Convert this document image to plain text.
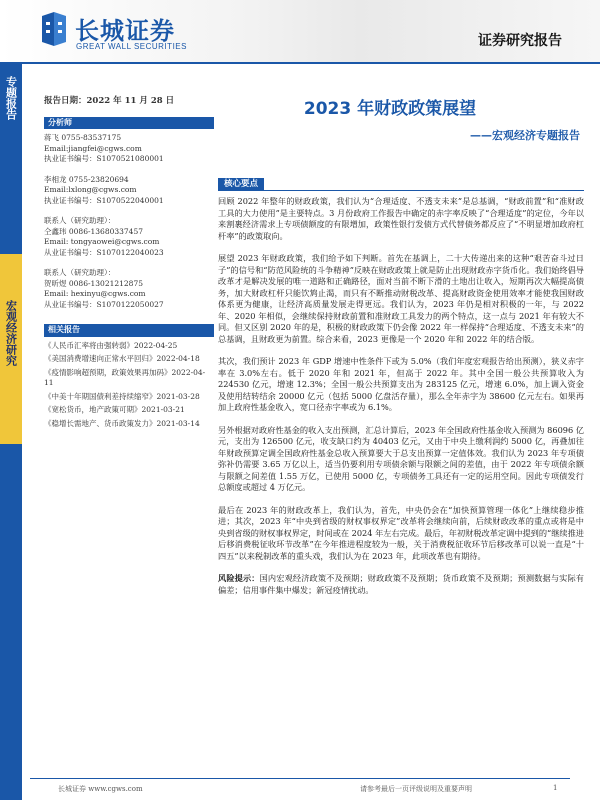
长城证券
GREAT WALL SECURITIES	证券研究报告
专题报告
宏观经济研究
报告日期：2022 年 11 月 28 日
分析师
蒋飞 0755-83537175
Email:jiangfei@cgws.com
执业证书编号：S1070521080001
李相龙 0755-23820694
Email:lxlong@cgws.com
执业证书编号：S1070522040001
联系人（研究助理）：
仝鑫玮 0086-13680337457
Email: tongyaowei@cgws.com
从业证书编号：S1070122040023
联系人（研究助理）：
贺昕煜 0086-13021212875
Email: hexinyu@cgws.com
从业证书编号：S1070122050027
相关报告
《人民币汇率将由强转弱》2022-04-25
《美国消费增速向正常水平回归》2022-04-18
《疫情影响超预期，政策效果再加码》2022-04-11
《中美十年期国债利差持续缩窄》2021-03-28
《宽松货币，地产政策可期》2021-03-21
《稳增长需地产、货币政策发力》2021-03-14
2023 年财政政策展望
——宏观经济专题报告
核心要点

回顾 2022 年整年的财政政策，我们认为“合理适度、不透支未来”是总基调，“财政前置”和“准财政工具的大力使用”是主要特点。3 月份政府工作报告中确定的赤字率反映了“合理适度”的定位，今年以来割裹经济需求上专项债额度的有限增加，政策性银行发债方式代替债务都反应了“不明显增加政府杠杆率”的政策取向。

展望 2023 年财政政策，我们给予如下判断。首先在基调上，二十大传递出来的这种“艰苦奋斗过日子”的信号和“防范风险统的斗争精神”反映在财政政策上就是防止出现财政赤字货币化。我们始终倡导改革才是解决发展的唯一道路和正确路径，面对当前不断下滑的土地出让收入，短期再次大幅提高债务，加大财政杠杆只能饮鸩止渴，而只有不断推动财税改革、提高财政资金使用效率才能使我国财政体系更为健康，让经济高质量发展走得更远。我们认为，2023 年仍是相对积极的一年，与 2022 年、2020 年相似，会继续保持财政前置和准财政工具发力的两个特点，这一点与 2021 年有较大不同。但又区别 2020 年的是，积极的财政政策下仍会像 2022 年一样保持“合理适度、不透支未来”的总基调，且财政更为前置。综合来看，2023 更像是一个 2020 年和 2022 年的结合版。

其次，我们预计 2023 年 GDP 增速中性条件下或为 5.0%（我们年度宏观报告给出预测），狭义赤字率在 3.0%左右。低于 2020 年和 2021 年，但高于 2022 年。其中全国一般公共预算收入为 224530 亿元，增速 12.3%；全国一般公共预算支出为 283125 亿元，增速 6.0%，加上调入资金及使用结转结余 20000 亿元（包括 5000 亿盘活存量），那么全年赤字为 38600 亿元左右。如果再加上政府性基金收入，宽口径赤字率或为 6.1%。

另外根据对政府性基金的收入支出预测，汇总计算后，2023 年全国政府性基金收入预测为 86096 亿元，支出为 126500 亿元，收支缺口约为 40403 亿元，又由于中央上缴利润约 5000 亿，再叠加往年财政预算定调全国政府性基金总收入预算要大于总支出预算一定值体效。我们认为 2023 年专项债弥补仍需要 3.65 万亿以上，适当仍要利用专项债余额与限额之间的差值，由于 2022 年专项债余额与限额之间差值 1.55 万亿，已使用 5000 亿，专项债务工具还有一定的运用空间。因此专项债发行总额度或超过 4 万亿元。

最后在 2023 年的财政改革上，我们认为，首先，中央仍会在“加快预算管理一体化”上继续稳步推进；其次，2023 年“中央到省级的财权事权界定”改革将会继续向前，后续财政改革的重点或将是中央到省级的财权事权界定，时间或在 2024 年左右完成。最后，年初财税改革定调中提到的“继续推进后移消费税征收环节改革”在今年推进程度较为一般，关于消费税征收环节后移改革可以说一直是“十四五”以来税制改革的重头戏，我们认为在 2023 年，此项改革也有期待。

风险提示：国内宏观经济政策不及预期；财政政策不及预期；货币政策不及预期；预测数据与实际有偏差；信用事件集中爆发；新冠疫情扰动。

长城证券 www.cgws.com	请参考最后一页评级说明及重要声明	1
